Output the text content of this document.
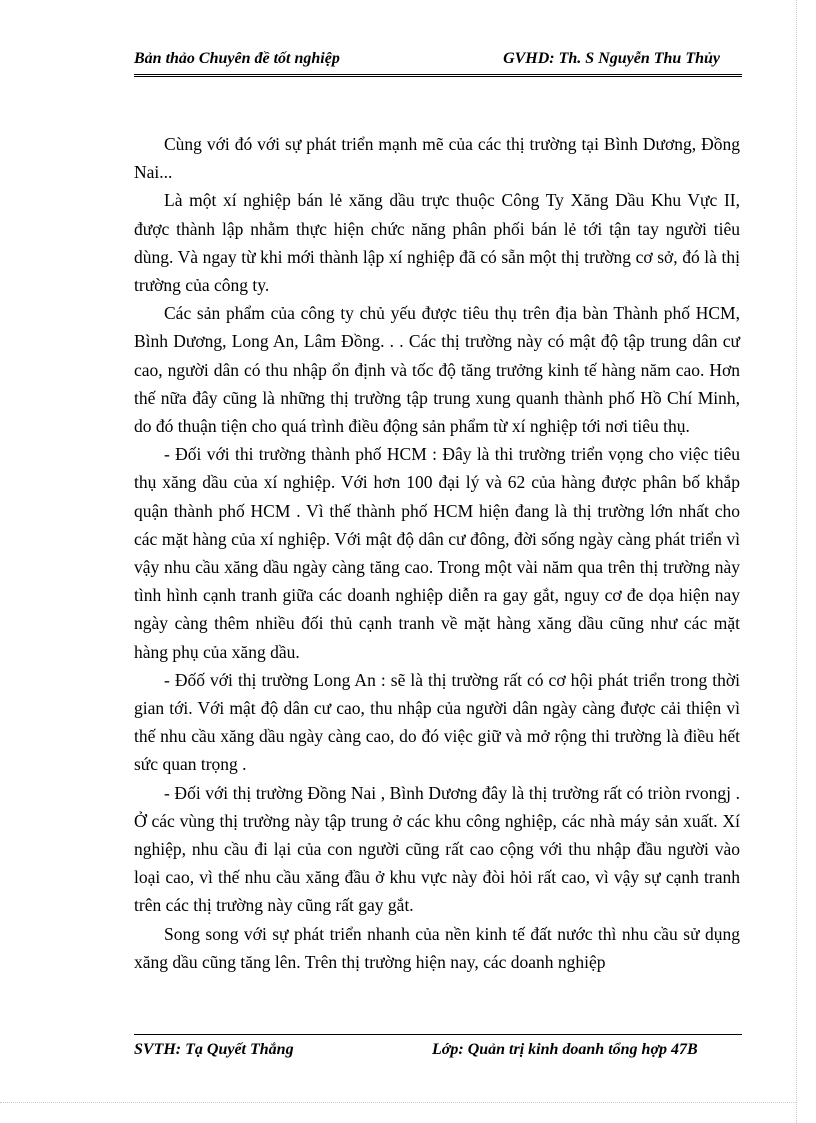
Bản thảo Chuyên đề tốt nghiệp	GVHD: Th. S Nguyễn Thu Thủy

Cùng với đó với sự phát triển mạnh mẽ của các thị trường tại Bình Dương, Đồng Nai...

Là một xí nghiệp bán lẻ xăng dầu trực thuộc Công Ty Xăng Dầu Khu Vực II, được thành lập nhằm thực hiện chức năng phân phối bán lẻ tới tận tay người tiêu dùng. Và ngay từ khi mới thành lập xí nghiệp đã có sẵn một thị trường cơ sở, đó là thị trường của công ty.

Các sản phẩm của công ty chủ yếu được tiêu thụ trên địa bàn Thành phố HCM, Bình Dương, Long An, Lâm Đồng. . . Các thị trường này có mật độ tập trung dân cư cao, người dân có thu nhập ổn định và tốc độ tăng trưởng kinh tế hàng năm cao. Hơn thế nữa đây cũng là những thị trường tập trung xung quanh thành phố Hồ Chí Minh, do đó thuận tiện cho quá trình điều động sản phẩm từ xí nghiệp tới nơi tiêu thụ.

- Đối với thi trường thành phố HCM : Đây là thi trường triển vọng cho việc tiêu thụ xăng dầu của xí nghiệp. Với hơn 100 đại lý và 62 của hàng được phân bố khắp quận thành phố HCM . Vì thế thành phố HCM hiện đang là thị trường lớn nhất cho các mặt hàng của xí nghiệp. Với mật độ dân cư đông, đời sống ngày càng phát triển vì vậy nhu cầu xăng dầu ngày càng tăng cao. Trong một vài năm qua trên thị trường này tình hình cạnh tranh giữa các doanh nghiệp diễn ra gay gắt, nguy cơ đe dọa hiện nay ngày càng thêm nhiều đối thủ cạnh tranh về mặt hàng xăng dầu cũng như các mặt hàng phụ của xăng dầu.

- Đốố với thị trường Long An : sẽ là thị trường rất có cơ hội phát triển trong thời gian tới. Với mật độ dân cư cao, thu nhập của người dân ngày càng được cải thiện vì thế nhu cầu xăng dầu ngày càng cao, do đó việc giữ và mở rộng thi trường là điều hết sức quan trọng .

- Đối với thị trường Đồng Nai , Bình Dương đây là thị trường rất có triòn rvongj . Ở các vùng thị trường này tập trung ở các khu công nghiệp, các nhà máy sản xuất. Xí nghiệp, nhu cầu đi lại của con người cũng rất cao cộng với thu nhập đầu người vào loại cao, vì thế nhu cầu xăng đầu ở khu vực này đòi hỏi rất cao, vì vậy sự cạnh tranh trên các thị trường này cũng rất gay gắt.

Song song với sự phát triển nhanh của nền kinh tế đất nước thì nhu cầu sử dụng xăng dầu cũng tăng lên. Trên thị trường hiện nay, các doanh nghiệp

SVTH: Tạ Quyết Thắng	Lớp: Quản trị kinh doanh tổng hợp 47B
